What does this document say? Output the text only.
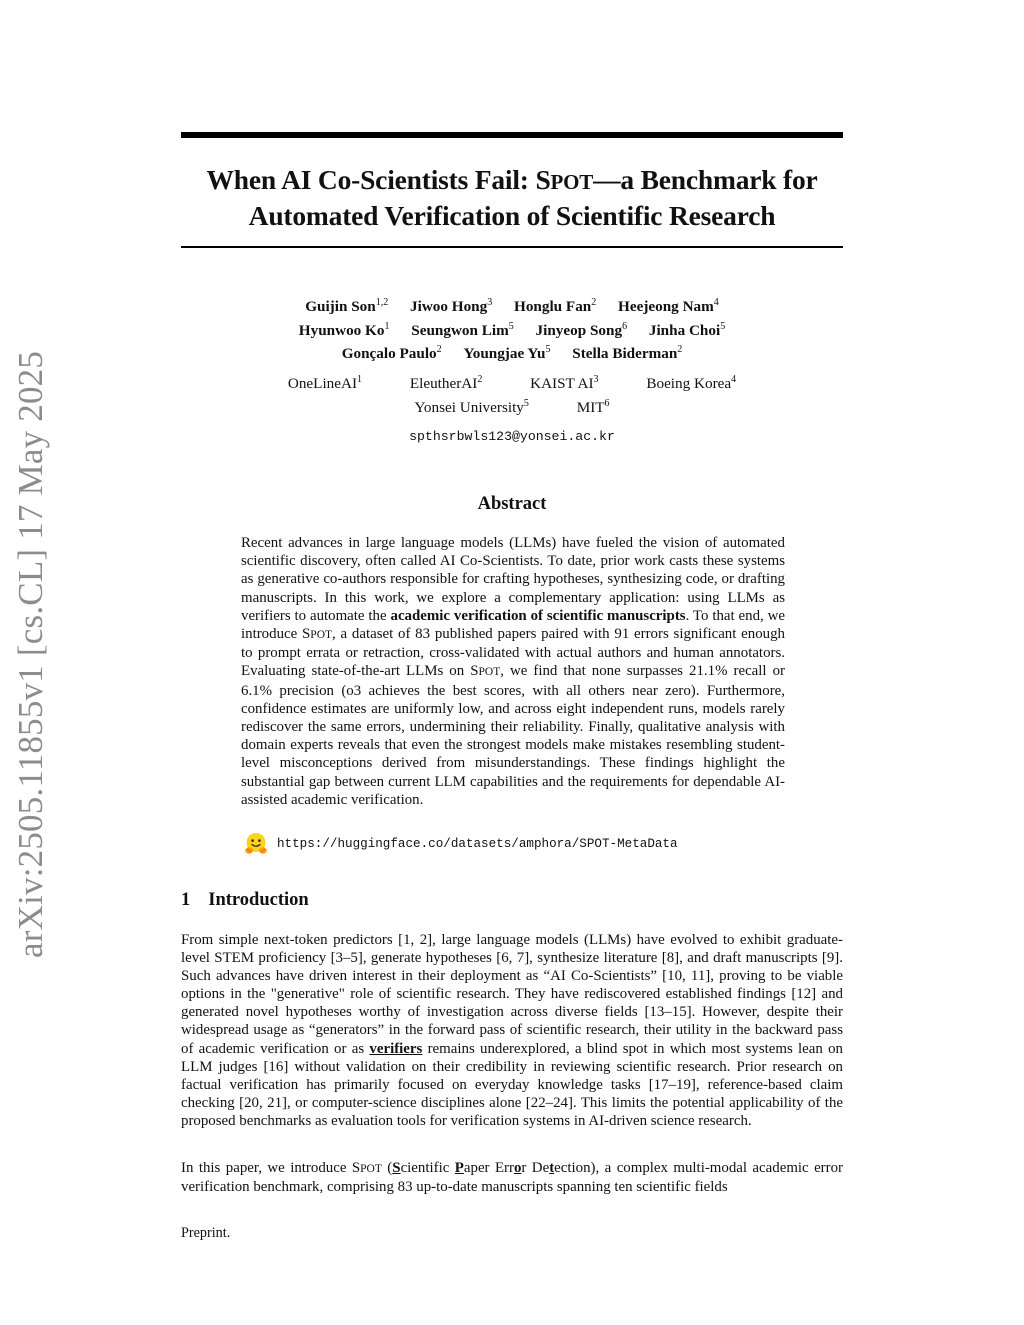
arXiv:2505.11855v1 [cs.CL] 17 May 2025
When AI Co-Scientists Fail: SPOT—a Benchmark for
Automated Verification of Scientific Research
Guijin Son$^{1,2}$ Jiwoo Hong$^3$ Honglu Fan$^2$ Heejeong Nam$^4$
Hyunwoo Ko$^1$ Seungwon Lim$^5$ Jinyeop Song$^6$ Jinha Choi$^5$
Gonçalo Paulo$^2$ Youngjae Yu$^5$ Stella Biderman$^2$
OneLineAI$^1$	EleutherAI$^2$	KAIST $AI^3$	Boeing Korea$^4$
Yonsei University$^5$	MIT$^6$
spthsrbwls123@yonsei.ac.kr
Abstract
Recent advances in large language models (LLMs) have fueled the vision of automated scientific discovery, often called AI Co-Scientists. To date, prior work casts these systems as generative co-authors responsible for crafting hypotheses, synthesizing code, or drafting manuscripts. In this work, we explore a complementary application: using LLMs as verifiers to automate the academic verification of scientific manuscripts. To that end, we introduce SPOT, a dataset of 83 published papers paired with 91 errors significant enough to prompt errata or retraction, cross-validated with actual authors and human annotators. Evaluating state-of-the-art LLMs on SPOT, we find that none surpasses 21.1% recall or 6.1% precision (o3 achieves the best scores, with all others near zero). Furthermore, confidence estimates are uniformly low, and across eight independent runs, models rarely rediscover the same errors, undermining their reliability. Finally, qualitative analysis with domain experts reveals that even the strongest models make mistakes resembling student-level misconceptions derived from misunderstandings. These findings highlight the substantial gap between current LLM capabilities and the requirements for dependable AI-assisted academic verification.
https://huggingface.co/datasets/amphora/SPOT-MetaData
1 Introduction
From simple next-token predictors [1, 2], large language models (LLMs) have evolved to exhibit graduate-level STEM proficiency [3–5], generate hypotheses [6, 7], synthesize literature [8], and draft manuscripts [9]. Such advances have driven interest in their deployment as “AI Co-Scientists” [10, 11], proving to be viable options in the "generative" role of scientific research. They have rediscovered established findings [12] and generated novel hypotheses worthy of investigation across diverse fields [13–15]. However, despite their widespread usage as “generators” in the forward pass of scientific research, their utility in the backward pass of academic verification or as verifiers remains underexplored, a blind spot in which most systems lean on LLM judges [16] without validation on their credibility in reviewing scientific research. Prior research on factual verification has primarily focused on everyday knowledge tasks [17–19], reference-based claim checking [20, 21], or computer-science disciplines alone [22–24]. This limits the potential applicability of the proposed benchmarks as evaluation tools for verification systems in AI-driven science research.
In this paper, we introduce SPOT (Scientific Paper Error Detection), a complex multi-modal academic error verification benchmark, comprising 83 up-to-date manuscripts spanning ten scientific fields
Preprint.
